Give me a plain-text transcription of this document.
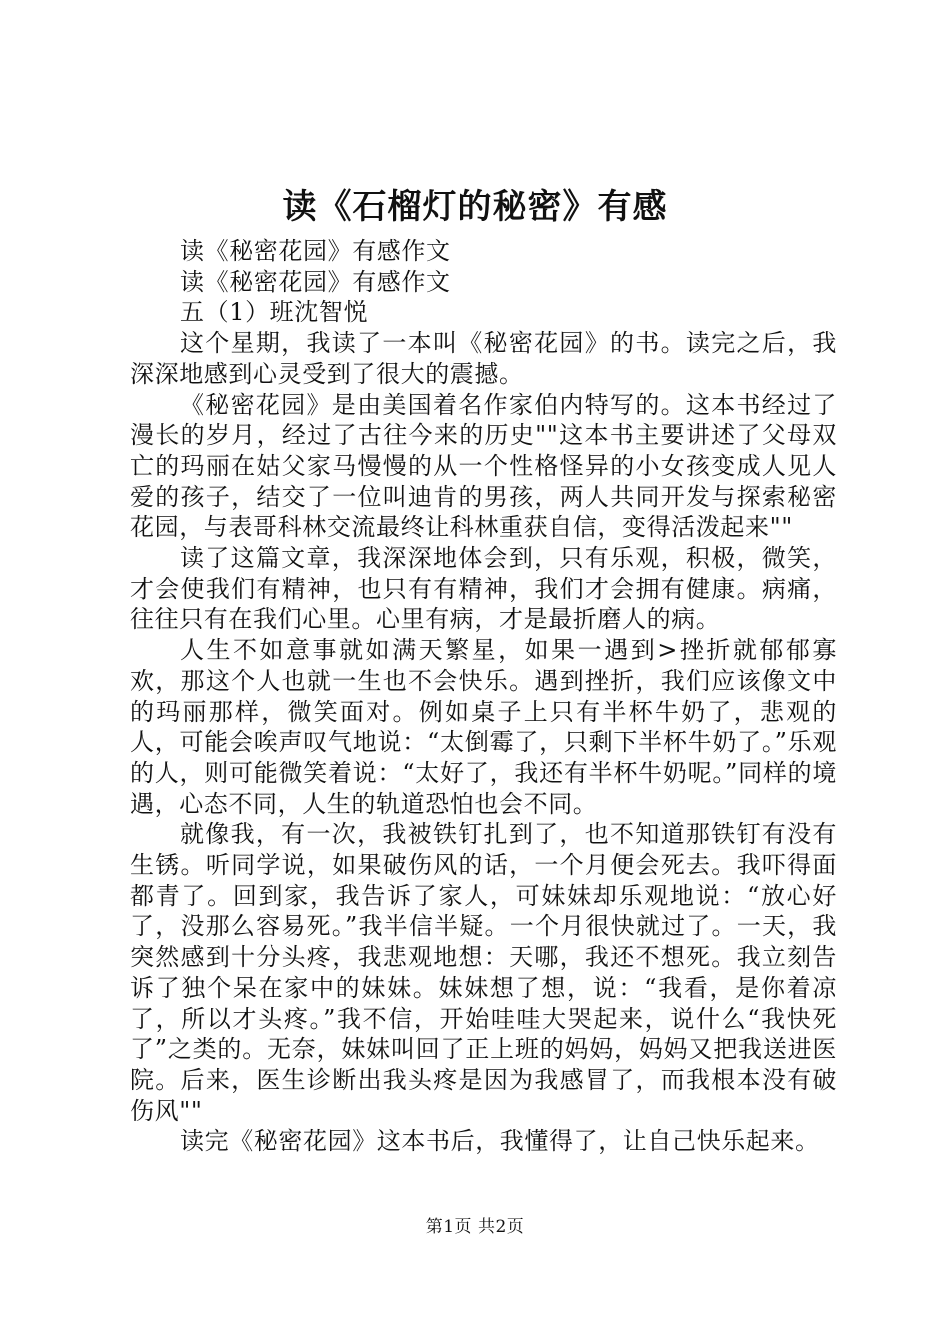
读《石榴灯的秘密》有感

读《秘密花园》有感作文

读《秘密花园》有感作文

五（1）班沈智悦

这个星期，我读了一本叫《秘密花园》的书。读完之后，我深深地感到心灵受到了很大的震撼。

《秘密花园》是由美国着名作家伯内特写的。这本书经过了漫长的岁月，经过了古往今来的历史""这本书主要讲述了父母双亡的玛丽在姑父家马慢慢的从一个性格怪异的小女孩变成人见人爱的孩子，结交了一位叫迪肯的男孩，两人共同开发与探索秘密花园，与表哥科林交流最终让科林重获自信，变得活泼起来""

读了这篇文章，我深深地体会到，只有乐观，积极，微笑，才会使我们有精神，也只有有精神，我们才会拥有健康。病痛，往往只有在我们心里。心里有病，才是最折磨人的病。

人生不如意事就如满天繁星，如果一遇到>挫折就郁郁寡欢，那这个人也就一生也不会快乐。遇到挫折，我们应该像文中的玛丽那样，微笑面对。例如桌子上只有半杯牛奶了，悲观的人，可能会唉声叹气地说：“太倒霉了，只剩下半杯牛奶了。”乐观的人，则可能微笑着说：“太好了，我还有半杯牛奶呢。”同样的境遇，心态不同，人生的轨道恐怕也会不同。

就像我，有一次，我被铁钉扎到了，也不知道那铁钉有没有生锈。听同学说，如果破伤风的话，一个月便会死去。我吓得面都青了。回到家，我告诉了家人，可妹妹却乐观地说：“放心好了，没那么容易死。”我半信半疑。一个月很快就过了。一天，我突然感到十分头疼，我悲观地想：天哪，我还不想死。我立刻告诉了独个呆在家中的妹妹。妹妹想了想，说：“我看，是你着凉了，所以才头疼。”我不信，开始哇哇大哭起来，说什么“我快死了”之类的。无奈，妹妹叫回了正上班的妈妈，妈妈又把我送进医院。后来，医生诊断出我头疼是因为我感冒了，而我根本没有破伤风""

读完《秘密花园》这本书后，我懂得了，让自己快乐起来。

第1页 共2页
